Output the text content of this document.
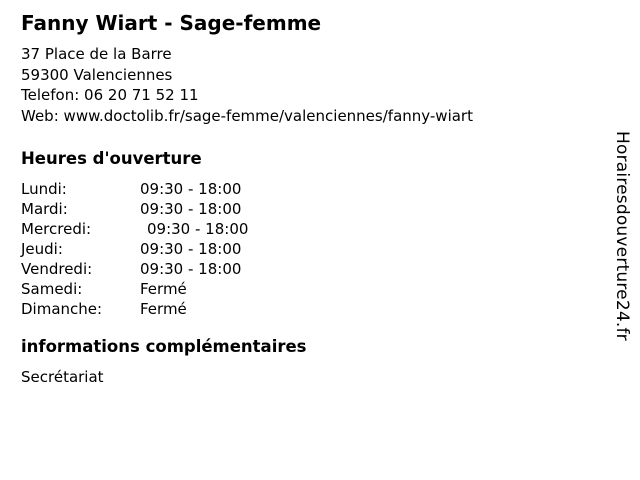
Fanny Wiart - Sage-femme
37 Place de la Barre
59300 Valenciennes
Telefon: 06 20 71 52 11
Web: www.doctolib.fr/sage-femme/valenciennes/fanny-wiart
Heures d'ouverture
Lundi:	09:30 - 18:00
Mardi:	09:30 - 18:00
Mercredi:	09:30 - 18:00
Jeudi:	09:30 - 18:00
Vendredi:	09:30 - 18:00
Samedi:	Fermé
Dimanche:	Fermé
informations complémentaires

Secrétariat

Horairesdouverture24.fr
